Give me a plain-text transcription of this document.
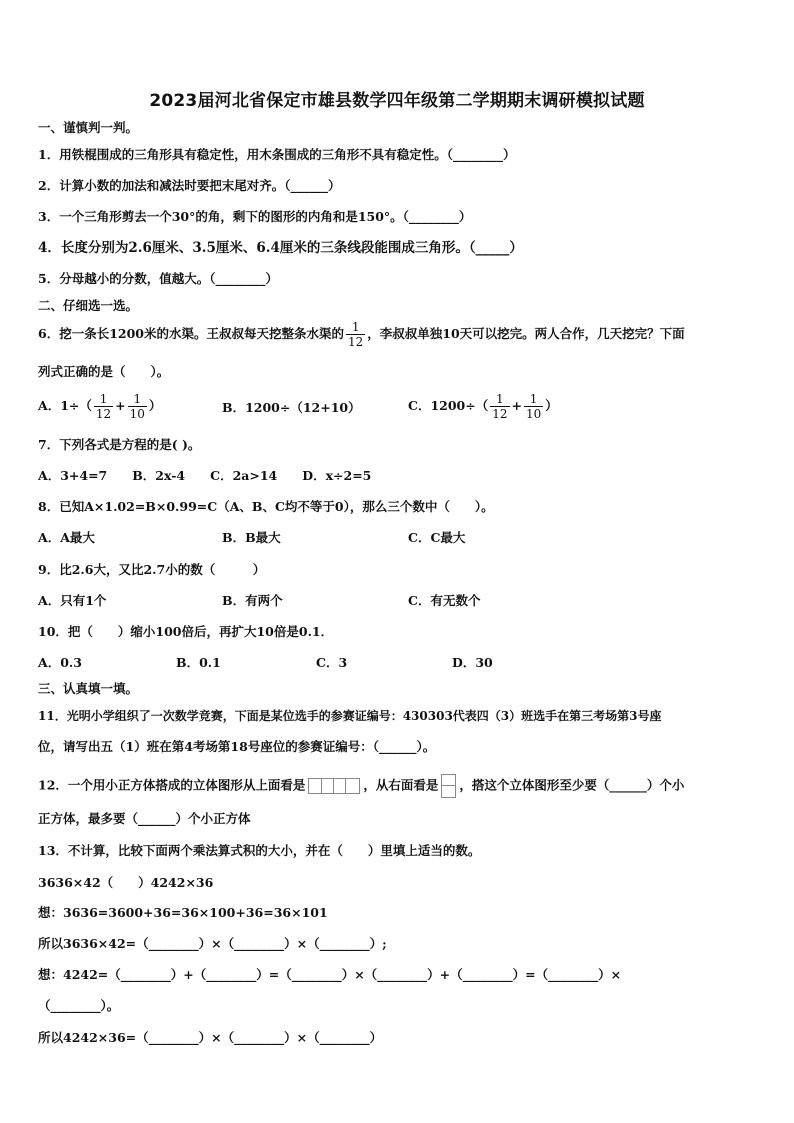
2023届河北省保定市雄县数学四年级第二学期期末调研模拟试题
一、谨慎判一判。
1．用铁棍围成的三角形具有稳定性，用木条围成的三角形不具有稳定性。（________）
2．计算小数的加法和减法时要把末尾对齐。（______）
3．一个三角形剪去一个30°的角，剩下的图形的内角和是150°。（________）
4．长度分别为2.6厘米、3.5厘米、6.4厘米的三条线段能围成三角形。（_____）
5．分母越小的分数，值越大。（________）
二、仔细选一选。
6．挖一条长1200米的水渠。王叔叔每天挖整条水渠的 $\frac{1}{12}$ ，李叔叔单独10天可以挖完。两人合作，几天挖完？下面
列式正确的是（　　）。
A．$1\div( \frac{1}{12} + \frac{1}{10}$ ）	B．1200÷（12+10）	C．$1200\div( \frac{1}{12} + \frac{1}{10}$ ）
7．下列各式是方程的是( )。
A．3+4=7　　B．2x-4　　C．2a>14　　D．x÷2=5
8．已知A×1.02=B×0.99=C（A、B、C均不等于0），那么三个数中（　　）。
A．A最大	B．B最大	C．C最大
9．比2.6大，又比2.7小的数（　　　）
A．只有1个	B．有两个	C．有无数个
10．把（　　）缩小100倍后，再扩大10倍是0.1．
A．0.3	B．0.1	C．3	D．30
三、认真填一填。
11．光明小学组织了一次数学竞赛，下面是某位选手的参赛证编号：430303代表四（3）班选手在第三考场第3号座
位，请写出五（1）班在第4考场第18号座位的参赛证编号：（______）。
12．一个用小正方体搭成的立体图形从上面看是	，从右面看是 ，搭这个立体图形至少要（______）个小
正方体，最多要（______）个小正方体
13．不计算，比较下面两个乘法算式积的大小，并在（　　）里填上适当的数。
3636×42（　　）4242×36
想：3636=3600+36=36×100+36=36×101
所以3636×42=（________）×（________）×（________）;
想：4242=（________）+（________）=（________）×（________）+（________）=（________）×
（________）。
所以4242×36=（________）×（________）×（________）
